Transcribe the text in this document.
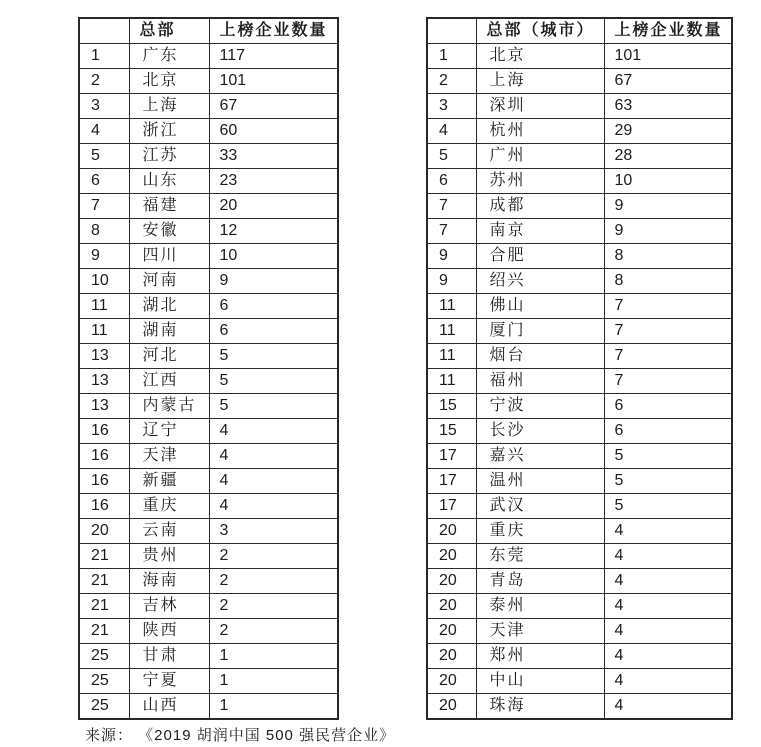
	总部	上榜企业数量
1	广东	117
2	北京	101
3	上海	67
4	浙江	60
5	江苏	33
6	山东	23
7	福建	20
8	安徽	12
9	四川	10
10	河南	9
11	湖北	6
11	湖南	6
13	河北	5
13	江西	5
13	内蒙古	5
16	辽宁	4
16	天津	4
16	新疆	4
16	重庆	4
20	云南	3
21	贵州	2
21	海南	2
21	吉林	2
21	陕西	2
25	甘肃	1
25	宁夏	1
25	山西	1
	总部（城市）	上榜企业数量
1	北京	101
2	上海	67
3	深圳	63
4	杭州	29
5	广州	28
6	苏州	10
7	成都	9
7	南京	9
9	合肥	8
9	绍兴	8
11	佛山	7
11	厦门	7
11	烟台	7
11	福州	7
15	宁波	6
15	长沙	6
17	嘉兴	5
17	温州	5
17	武汉	5
20	重庆	4
20	东莞	4
20	青岛	4
20	泰州	4
20	天津	4
20	郑州	4
20	中山	4
20	珠海	4
来源： 《2019 胡润中国 500 强民营企业》
